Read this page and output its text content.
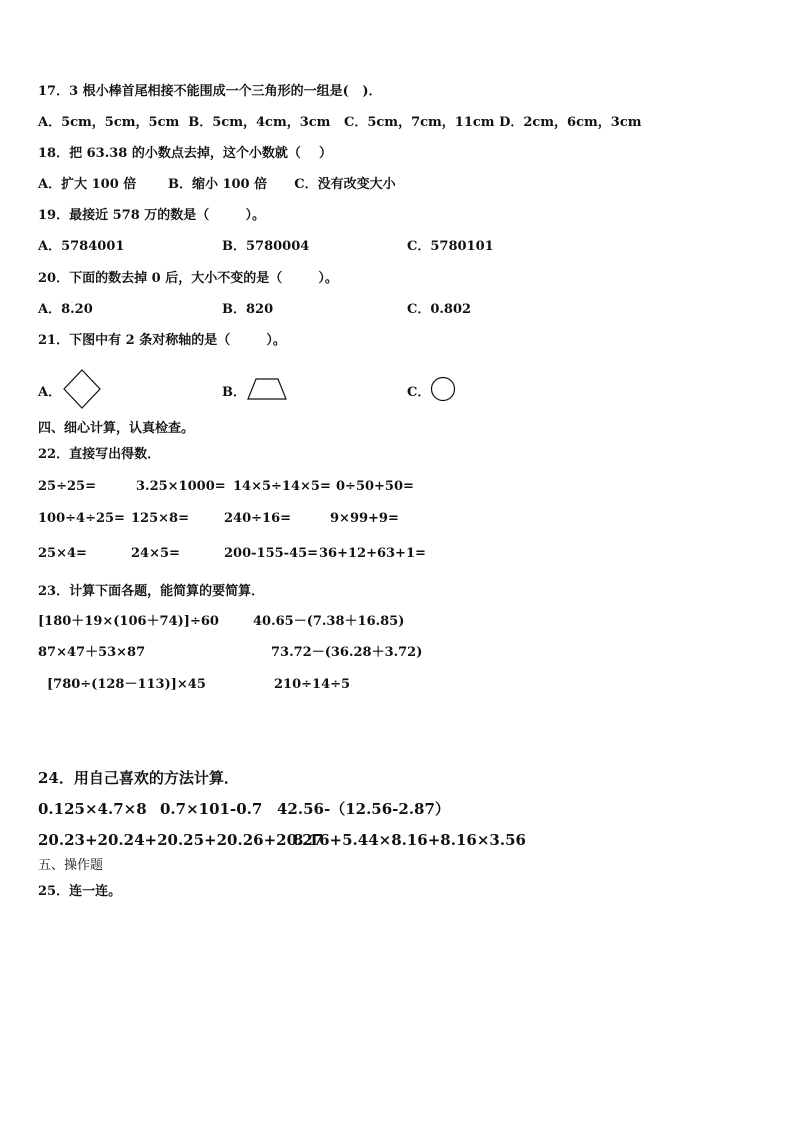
17．3 根小棒首尾相接不能围成一个三角形的一组是(   )．
A．5cm，5cm，5cm  B．5cm，4cm，3cm   C．5cm，7cm，11cm D．2cm，6cm，3cm
18．把 63.38 的小数点去掉，这个小数就（    ）
A．扩大 100 倍       B．缩小 100 倍      C．没有改变大小
19．最接近 578 万的数是（        ）。
A．5784001	B．5780004	C．5780101
20．下面的数去掉 0 后，大小不变的是（        ）。
A．8.20	B．820	C．0.802
21．下图中有 2 条对称轴的是（        ）。
A．	B．	C．
四、细心计算，认真检查。
22．直接写出得数．
25÷25=	3.25×1000= 14×5÷14×5= 0÷50+50=
100÷4÷25= 125×8=	240÷16=	9×99+9=
25×4=	24×5=	200-155-45= 36+12+63+1=
23．计算下面各题，能简算的要简算．
[180＋19×(106＋74)]÷60	40.65－(7.38＋16.85)
87×47＋53×87	73.72－(36.28＋3.72)
[780÷(128－113)]×45	210÷14÷5
24．用自己喜欢的方法计算．
0.125×4.7×8 0.7×101-0.7 42.56-（12.56-2.87）
20.23+20.24+20.25+20.26+20.27
8.16+5.44×8.16+8.16×3.56
五、操作题
25．连一连。
